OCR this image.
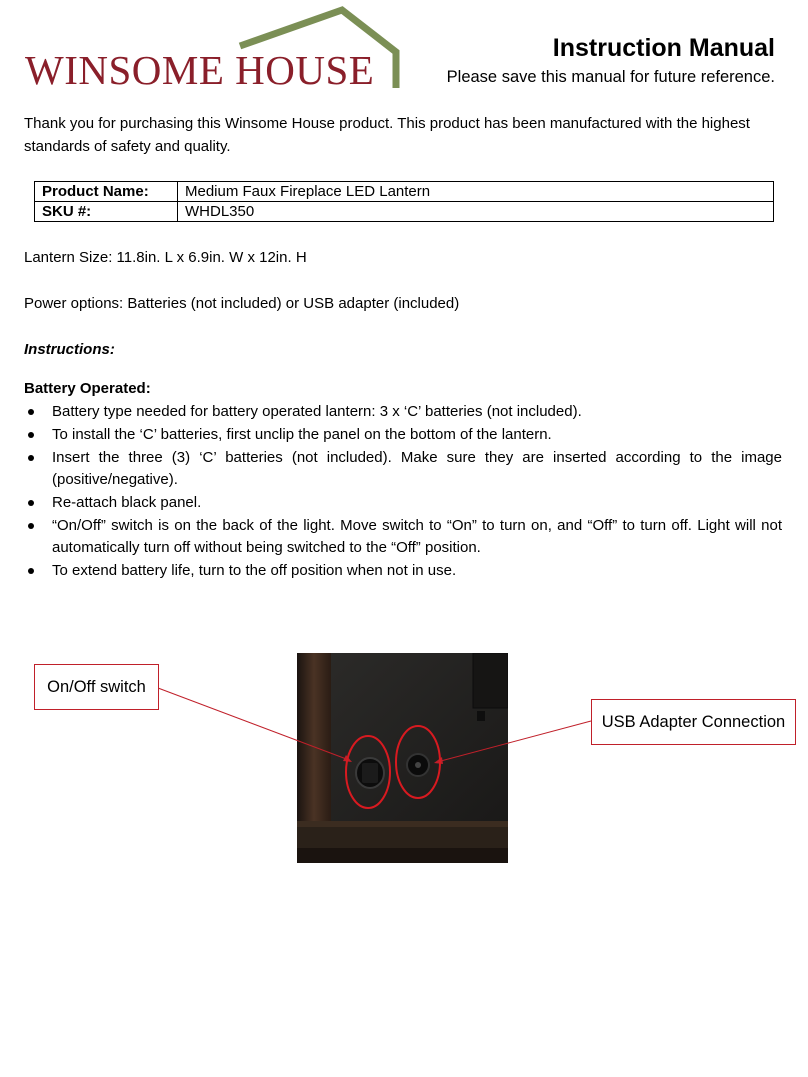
WINSOME HOUSE	Instruction Manual
Please save this manual for future reference.
Thank you for purchasing this Winsome House product. This product has been manufactured with the highest standards of safety and quality.
Product Name:	Medium Faux Fireplace LED Lantern
SKU #:	WHDL350
Lantern Size: 11.8in. L x 6.9in. W x 12in. H
Power options: Batteries (not included) or USB adapter (included)
Instructions:
Battery Operated:
Battery type needed for battery operated lantern: 3 x ‘C’ batteries (not included).
To install the ‘C’ batteries, first unclip the panel on the bottom of the lantern.
Insert the three (3) ‘C’ batteries (not included). Make sure they are inserted according to the image (positive/negative).
Re-attach black panel.
“On/Off” switch is on the back of the light. Move switch to “On” to turn on, and “Off” to turn off. Light will not automatically turn off without being switched to the “Off” position.
To extend battery life, turn to the off position when not in use.
On/Off switch
USB Adapter Connection
